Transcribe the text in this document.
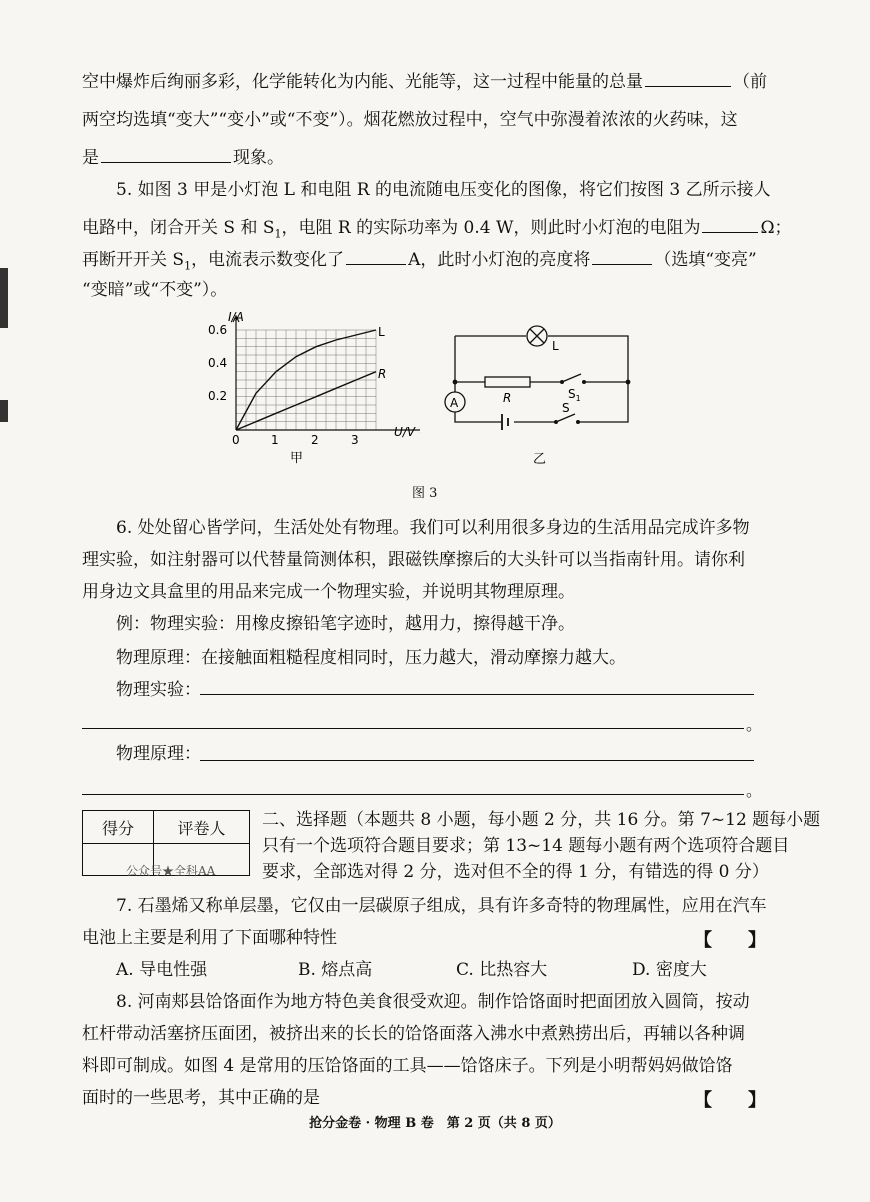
空中爆炸后绚丽多彩，化学能转化为内能、光能等，这一过程中能量的总量	（前
两空均选填“变大”“变小”或“不变”）。烟花燃放过程中，空气中弥漫着浓浓的火药味，这
是	现象。
5. 如图 3 甲是小灯泡 L 和电阻 R 的电流随电压变化的图像，将它们按图 3 乙所示接人
电路中，闭合开关 S 和 $S_1$，电阻 R 的实际功率为 0.4 W，则此时小灯泡的电阻为	Ω；
再断开开关 $S_1$，电流表示数变化了	A，此时小灯泡的亮度将	（选填“变亮”
“变暗”或“不变”）。
I/A
U/V
L
R
0	1	2	3
0.2
0.4
0.6
甲
A
L
R	$S_1$
S
乙
图 3
6. 处处留心皆学问，生活处处有物理。我们可以利用很多身边的生活用品完成许多物
理实验，如注射器可以代替量筒测体积，跟磁铁摩擦后的大头针可以当指南针用。请你利
用身边文具盒里的用品来完成一个物理实验，并说明其物理原理。
例：物理实验：用橡皮擦铅笔字迹时，越用力，擦得越干净。
物理原理：在接触面粗糙程度相同时，压力越大，滑动摩擦力越大。
物理实验：
。
物理原理：
。
得分	评卷人
公众号★全科AA
二、选择题（本题共 8 小题，每小题 2 分，共 16 分。第 7~12 题每小题
只有一个选项符合题目要求；第 13~14 题每小题有两个选项符合题目
要求，全部选对得 2 分，选对但不全的得 1 分，有错选的得 0 分）
7. 石墨烯又称单层墨，它仅由一层碳原子组成，具有许多奇特的物理属性，应用在汽车
电池上主要是利用了下面哪种特性	【　　】
A. 导电性强	B. 熔点高	C. 比热容大	D. 密度大
8. 河南郏县饸饹面作为地方特色美食很受欢迎。制作饸饹面时把面团放入圆筒，按动
杠杆带动活塞挤压面团，被挤出来的长长的饸饹面落入沸水中煮熟捞出后，再辅以各种调
料即可制成。如图 4 是常用的压饸饹面的工具——饸饹床子。下列是小明帮妈妈做饸饹
面时的一些思考，其中正确的是	【　　】
抢分金卷 · 物理 B 卷　第 2 页（共 8 页）
